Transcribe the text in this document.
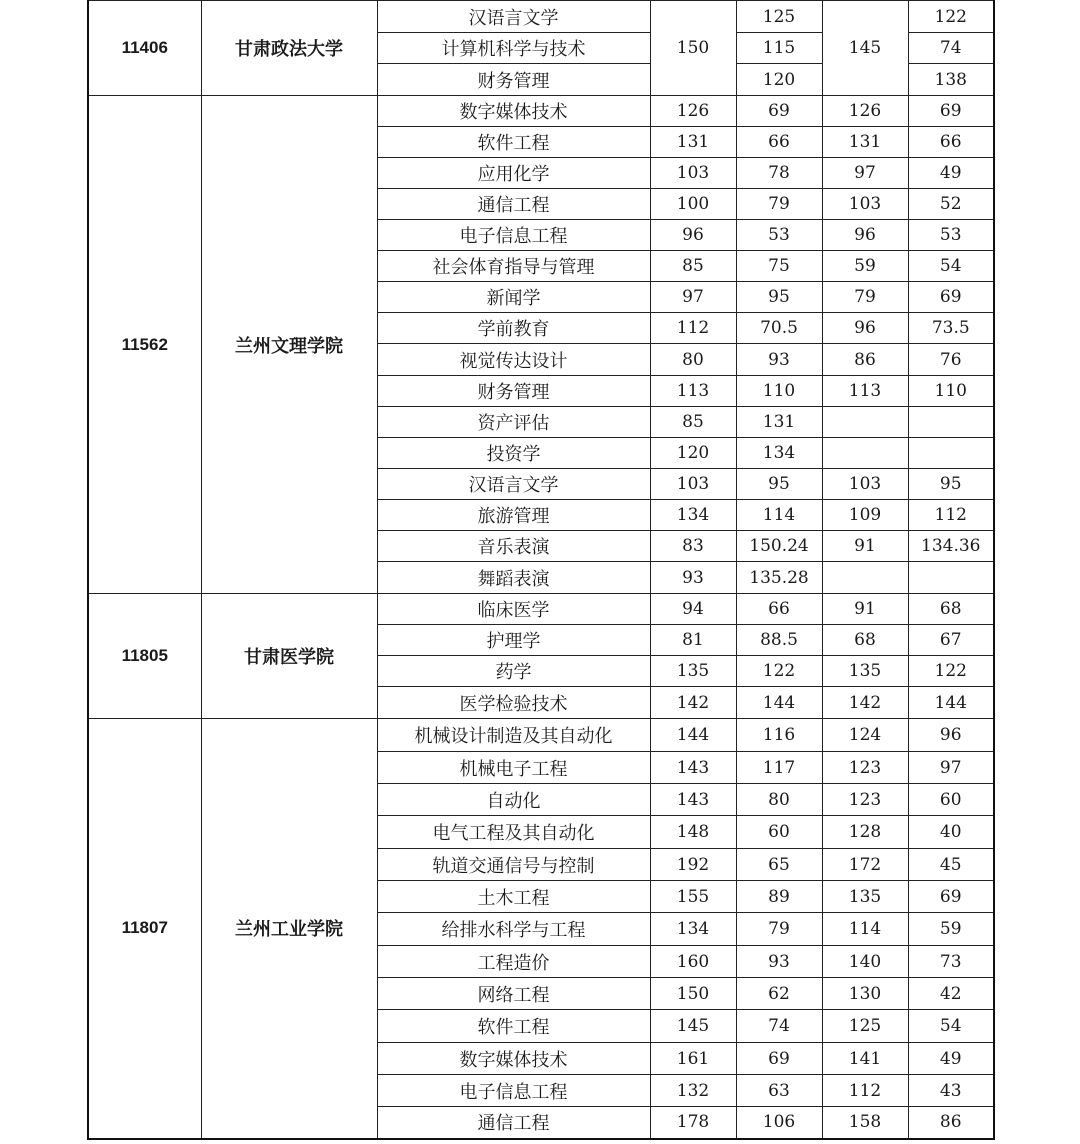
11406	甘肃政法大学	汉语言文学	150	125	145	122
		计算机科学与技术		115		74
		财务管理		120		138
11562	兰州文理学院	数字媒体技术	126	69	126	69
		软件工程	131	66	131	66
		应用化学	103	78	97	49
		通信工程	100	79	103	52
		电子信息工程	96	53	96	53
		社会体育指导与管理	85	75	59	54
		新闻学	97	95	79	69
		学前教育	112	70.5	96	73.5
		视觉传达设计	80	93	86	76
		财务管理	113	110	113	110
		资产评估	85	131		
		投资学	120	134		
		汉语言文学	103	95	103	95
		旅游管理	134	114	109	112
		音乐表演	83	150.24	91	134.36
		舞蹈表演	93	135.28		
11805	甘肃医学院	临床医学	94	66	91	68
		护理学	81	88.5	68	67
		药学	135	122	135	122
		医学检验技术	142	144	142	144
11807	兰州工业学院	机械设计制造及其自动化	144	116	124	96
		机械电子工程	143	117	123	97
		自动化	143	80	123	60
		电气工程及其自动化	148	60	128	40
		轨道交通信号与控制	192	65	172	45
		土木工程	155	89	135	69
		给排水科学与工程	134	79	114	59
		工程造价	160	93	140	73
		网络工程	150	62	130	42
		软件工程	145	74	125	54
		数字媒体技术	161	69	141	49
		电子信息工程	132	63	112	43
		通信工程	178	106	158	86
